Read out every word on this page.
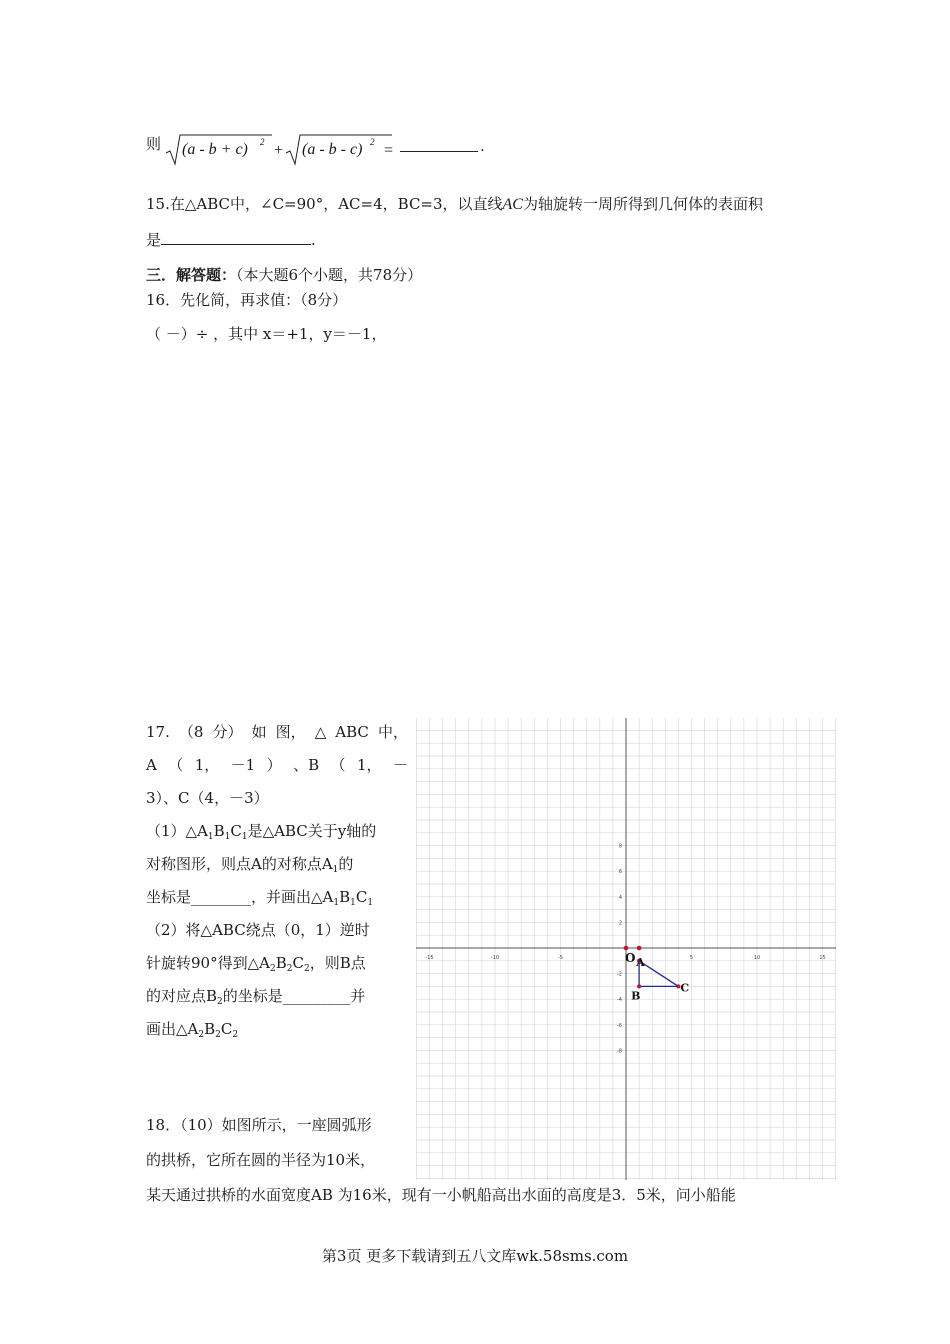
则 (a - b + c) 2 + (a - b - c) 2 =	.
15.在△ABC中，∠C=90°，AC=4，BC=3，以直线AC为轴旋转一周所得到几何体的表面积
是	.
三．解答题：（本大题6个小题，共78分）
16．先化简，再求值：（8分）
（ －）÷ ，其中 x＝+1，y＝－1，
17. （8 分） 如 图， △ ABC 中，
A （ 1， －1 ） 、B （ 1， －
3）、C（4，－3）
$(1)\triangle A_1B_1C_1$是△ABC关于y轴的
对称图形，则点A的对称点$A_1$的
坐标是________，并画出$\triangle A_1B_1C_1$
（2）将△ABC绕点（0，1）逆时
针旋转90°得到$\triangle A_2B_2C_2$，则B点
的对应点$B_2$的坐标是_________并
画出$\triangle A_2B_2C_2$
-15	-10	-5	5	10	15
8
6
4
2
-2
-4
-6
-8
O A
B
C
18．（10）如图所示，一座圆弧形
的拱桥，它所在圆的半径为10米，
某天通过拱桥的水面宽度AB 为16米，现有一小帆船高出水面的高度是3．5米，问小船能
第3页 更多下载请到五八文库wk.58sms.com
